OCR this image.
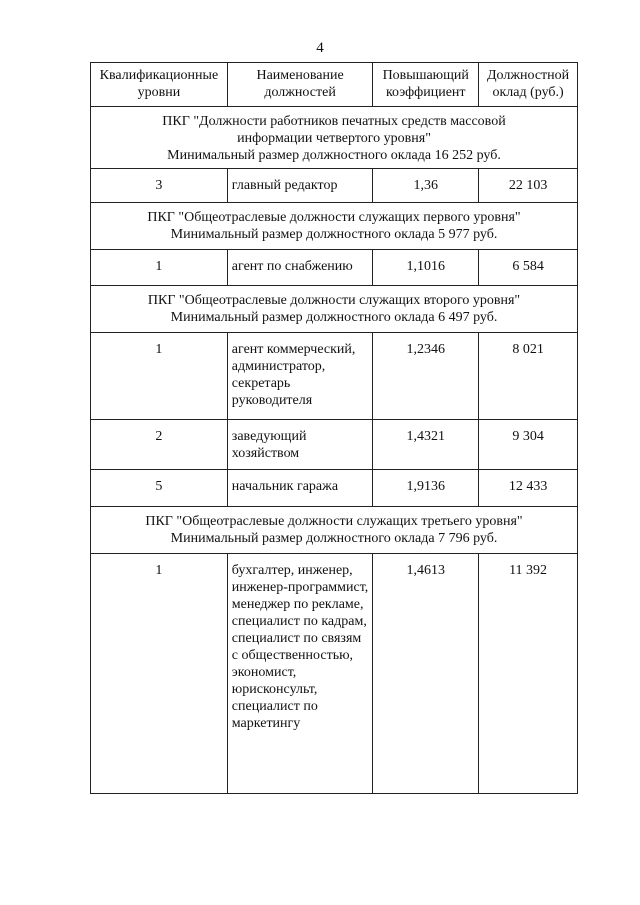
4
Квалификационные уровни	Наименование должностей	Повышающий коэффициент	Должностной оклад (руб.)

ПКГ "Должности работников печатных средств массовой информации четвертого уровня"
Минимальный размер должностного оклада 16 252 руб.			

3	главный редактор	1,36	22 103

ПКГ "Общеотраслевые должности служащих первого уровня"
Минимальный размер должностного оклада 5 977 руб.			

1	агент по снабжению	1,1016	6 584

ПКГ "Общеотраслевые должности служащих второго уровня"
Минимальный размер должностного оклада 6 497 руб.			

1	агент коммерческий, администратор, секретарь руководителя	1,2346	8 021
2	заведующий хозяйством	1,4321	9 304
5	начальник гаража	1,9136	12 433

ПКГ "Общеотраслевые должности служащих третьего уровня"
Минимальный размер должностного оклада 7 796 руб.			

1	бухгалтер, инженер, инженер-программист, менеджер по рекламе, специалист по кадрам, специалист по связям с общественностью, экономист, юрисконсульт, специалист по маркетингу	1,4613	11 392
